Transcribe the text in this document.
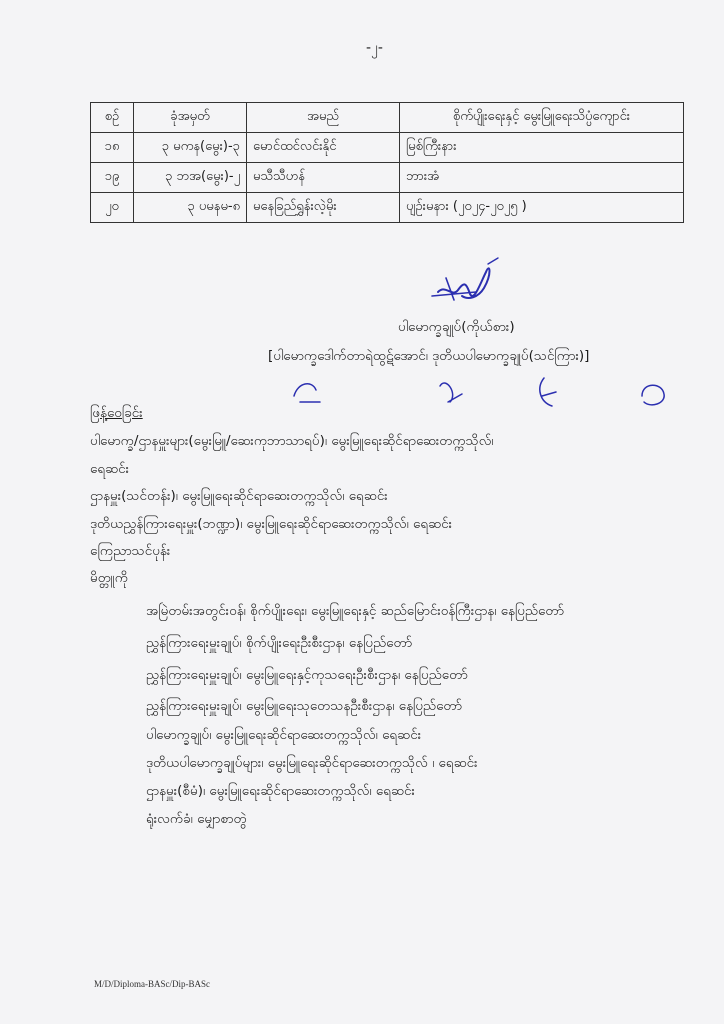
-၂-
စဉ်	ခုံအမှတ်	အမည်	စိုက်ပျိုးရေးနှင့် မွေးမြူရေးသိပ္ပံကျောင်း
၁၈	၃ မကန(မွေး)-၃	မောင်ထင်လင်းနိုင်	မြစ်ကြီးနား
၁၉	၃ ဘအ(မွေး)-၂	မသီသီဟန်	ဘားအံ
၂၀	၃ ပမနမ-၈	မနေခြည်ရွှန်းလဲ့မိုး	ပျဉ်းမနား (၂၀၂၄-၂၀၂၅ )
ပါမောက္ခချုပ်(ကိုယ်စား)
[ပါမောက္ခဒေါက်တာရဲထွဋ်အောင်၊ ဒုတိယပါမောက္ခချုပ်(သင်ကြား)]
ဖြန့်ဝေခြင်း
ပါမောက္ခ/ဌာနမှူးများ(မွေးမြူ/ဆေးကုဘာသာရပ်)၊ မွေးမြူရေးဆိုင်ရာဆေးတက္ကသိုလ်၊
ရေဆင်း
ဌာနမှူး(သင်တန်း)၊ မွေးမြူရေးဆိုင်ရာဆေးတက္ကသိုလ်၊ ရေဆင်း
ဒုတိယညွှန်ကြားရေးမှူး(ဘဏ္ဍာ)၊ မွေးမြူရေးဆိုင်ရာဆေးတက္ကသိုလ်၊ ရေဆင်း
ကြေညာသင်ပုန်း
မိတ္တူကို
အမြဲတမ်းအတွင်းဝန်၊ စိုက်ပျိုးရေး၊ မွေးမြူရေးနှင့် ဆည်မြောင်းဝန်ကြီးဌာန၊ နေပြည်တော်
ညွှန်ကြားရေးမှူးချုပ်၊ စိုက်ပျိုးရေးဦးစီးဌာန၊ နေပြည်တော်
ညွှန်ကြားရေးမှူးချုပ်၊ မွေးမြူရေးနှင့်ကုသရေးဦးစီးဌာန၊ နေပြည်တော်
ညွှန်ကြားရေးမှူးချုပ်၊ မွေးမြူရေးသုတေသနဦးစီးဌာန၊ နေပြည်တော်
ပါမောက္ခချုပ်၊ မွေးမြူရေးဆိုင်ရာဆေးတက္ကသိုလ်၊ ရေဆင်း
ဒုတိယပါမောက္ခချုပ်များ၊ မွေးမြူရေးဆိုင်ရာဆေးတက္ကသိုလ် ၊ ရေဆင်း
ဌာနမှူး(စီမံ)၊ မွေးမြူရေးဆိုင်ရာဆေးတက္ကသိုလ်၊ ရေဆင်း
ရုံးလက်ခံ၊ မျှောစာတွဲ
M/D/Diploma-BASc/Dip-BASc
